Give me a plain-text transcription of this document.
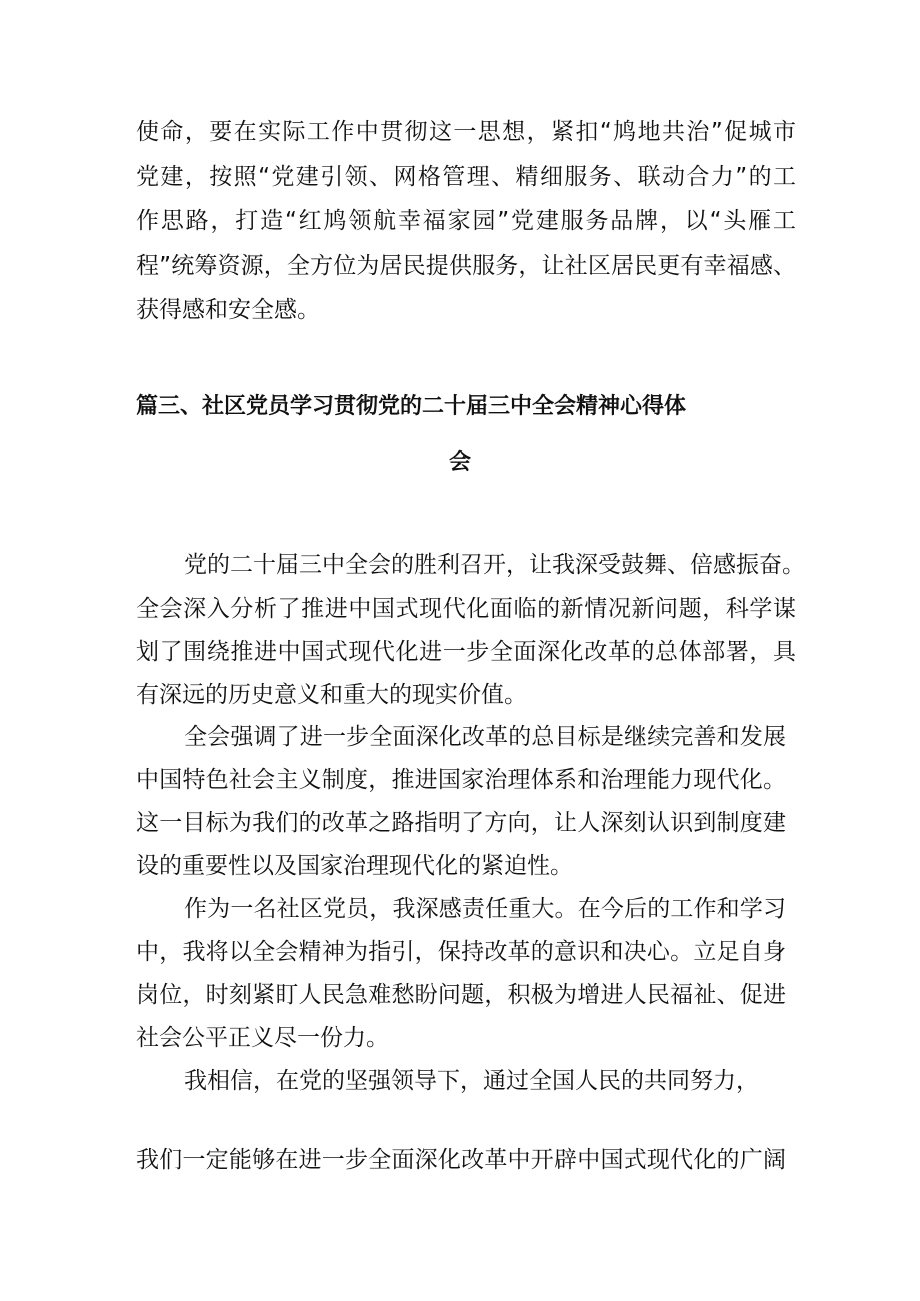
使命，要在实际工作中贯彻这一思想，紧扣“鸠地共治”促城市
党建，按照“党建引领、网格管理、精细服务、联动合力”的工
作思路，打造“红鸠领航幸福家园”党建服务品牌，以“头雁工
程”统筹资源，全方位为居民提供服务，让社区居民更有幸福感、
获得感和安全感。
篇三、社区党员学习贯彻党的二十届三中全会精神心得体
会
党的二十届三中全会的胜利召开，让我深受鼓舞、倍感振奋。
全会深入分析了推进中国式现代化面临的新情况新问题，科学谋
划了围绕推进中国式现代化进一步全面深化改革的总体部署，具
有深远的历史意义和重大的现实价值。
全会强调了进一步全面深化改革的总目标是继续完善和发展
中国特色社会主义制度，推进国家治理体系和治理能力现代化。
这一目标为我们的改革之路指明了方向，让人深刻认识到制度建
设的重要性以及国家治理现代化的紧迫性。
作为一名社区党员，我深感责任重大。在今后的工作和学习
中，我将以全会精神为指引，保持改革的意识和决心。立足自身
岗位，时刻紧盯人民急难愁盼问题，积极为增进人民福祉、促进
社会公平正义尽一份力。
我相信，在党的坚强领导下，通过全国人民的共同努力，
我们一定能够在进一步全面深化改革中开辟中国式现代化的广阔
